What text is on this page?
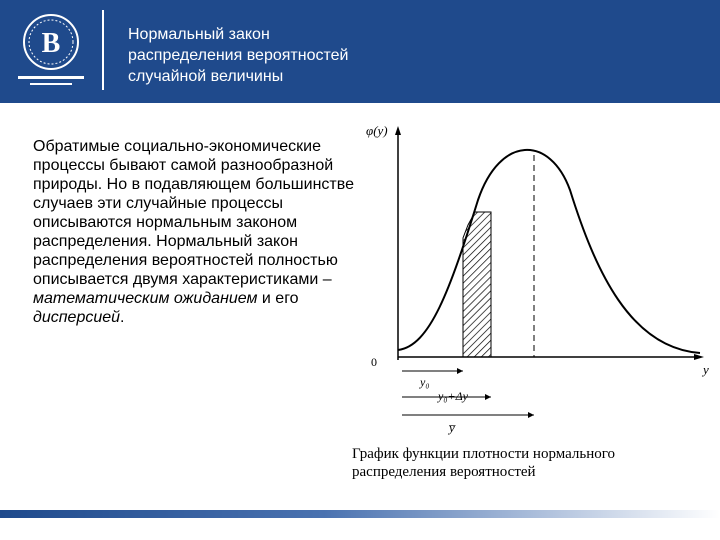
В	Нормальный закон
распределения вероятностей
случайной величины
Обратимые социально-экономические процессы бывают самой разнообразной природы. Но в подавляющем большинстве случаев эти случайные процессы описываются нормальным законом распределения. Нормальный закон распределения вероятностей полностью описывается двумя характеристиками – математическим ожиданием и его дисперсией.
φ(y)
0	y
y₀
y₀+Δy
y̅
График функции плотности нормального
распределения вероятностей
